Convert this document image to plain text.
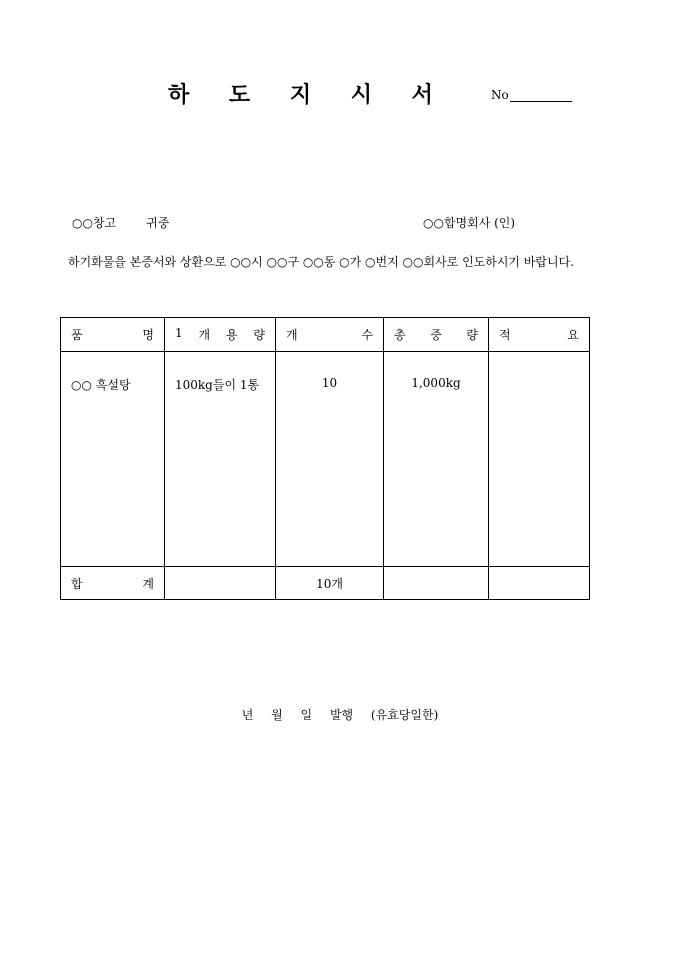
하 도 지 시 서	No
○○창고	귀중	○○합명회사 (인)
하기화물을 본증서와 상환으로 ○○시 ○○구 ○○동 ○가 ○번지 ○○회사로 인도하시기 바랍니다.
품 명	1 개 용 량	개 수	총 중 량	적 요

○○ 흑설탕	100kg들이 1통	10	1,000kg	

합 계		10개		
년 월 일 발행 (유효당일한)
